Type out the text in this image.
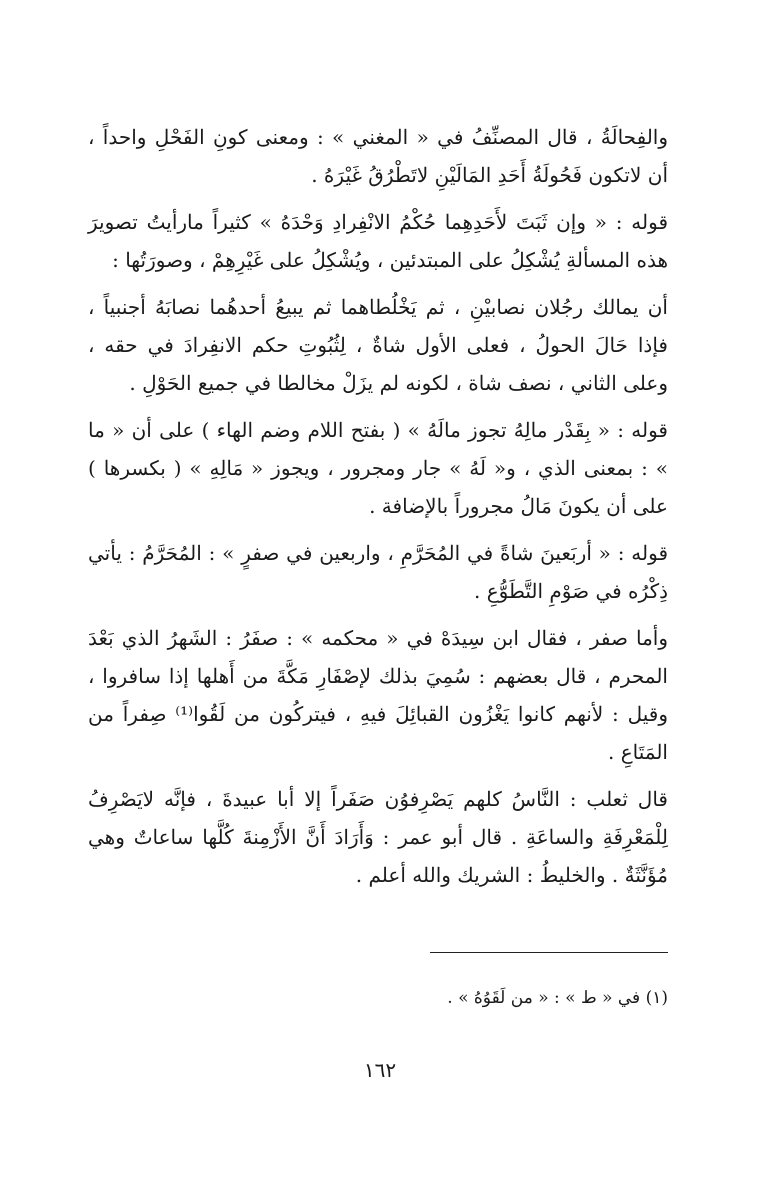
والفِحالَةُ ، قال المصنِّفُ في « المغني » : ومعنى كونِ الفَحْلِ واحداً ، أن لاتكون فَحُولَةُ أَحَدِ المَالَيْنِ لاتَطْرُقُ غَيْرَهُ .

قوله : « وإن ثَبَتَ لأَحَدِهِما حُكْمُ الانْفِرادِ وَحْدَهُ » كثيراً مارأيتُ تصويرَ هذه المسألةِ يُشْكِلُ على المبتدئين ، ويُشْكِلُ على غَيْرِهِمْ ، وصورَتُها :

أن يمالك رجُلان نصابيْنِ ، ثم يَخْلُطاهما ثم يبيعُ أحدهُما نصابَهُ أجنبياً ، فإذا حَالَ الحولُ ، فعلى الأول شاةٌ ، لِثُبُوتِ حكم الانفِرادَ في حقه ، وعلى الثاني ، نصف شاة ، لكونه لم يزَلْ مخالطا في جميع الحَوْلِ .

قوله : « بِقَدْر مالِهُ تجوز مالَهُ » ( بفتح اللام وضم الهاء ) على أن « ما » : بمعنى الذي ، و« لَهُ » جار ومجرور ، ويجوز « مَالِهِ » ( بكسرها ) على أن يكونَ مَالُ مجروراً بالإضافة .

قوله : « أربَعينَ شاةً في المُحَرَّمِ ، واربعين في صفرٍ » : المُحَرَّمُ : يأتي ذِكْرُه في صَوْمِ التَّطَوُّعِ .

وأما صفر ، فقال ابن سِيدَهْ في « محكمه » : صفَرُ : الشَهرُ الذي بَعْدَ المحرم ، قال بعضهم : سُمِيَ بذلك لإصْفَارِ مَكَّةَ من أَهلها إذا سافروا ، وقيل : لأنهم كانوا يَغْزُون القبائِلَ فيهِ ، فيتركُون من لَقُوا⁽¹⁾ صِفراً من المَتَاعِ .

قال ثعلب : النَّاسُ كلهم يَصْرِفوُن صَفَراً إلا أبا عبيدةَ ، فإنَّه لايَصْرِفُ لِلْمَعْرِفَةِ والساعَةِ . قال أبو عمر : وَأَرَادَ أَنَّ الأَزْمِنةَ كُلَّها ساعاتٌ وهي مُؤَنَّثَةٌ . والخليطُ : الشريك والله أعلم .

(١) في « ط » : « من لَقَوُهُ » .
١٦٢
